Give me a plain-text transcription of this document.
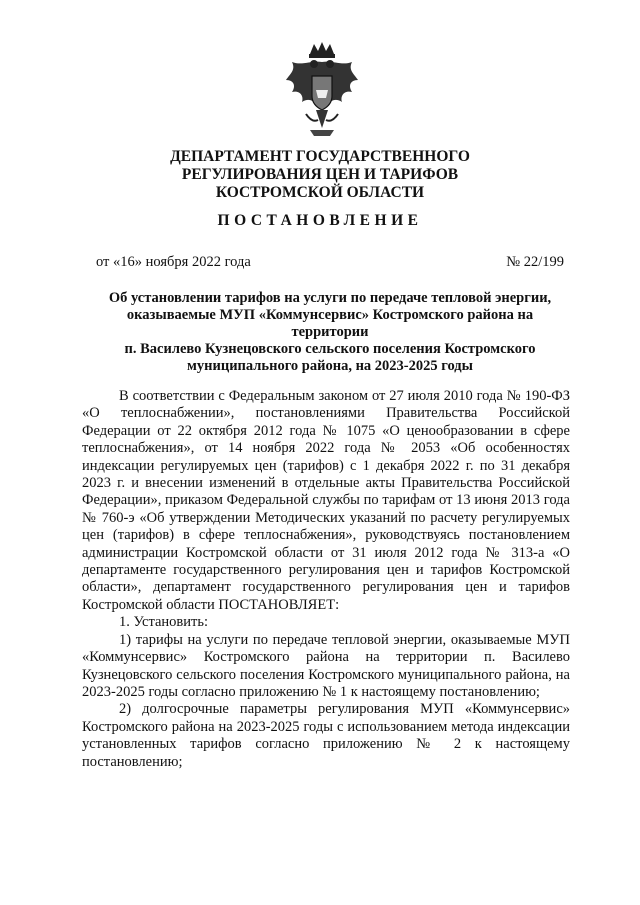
ДЕПАРТАМЕНТ ГОСУДАРСТВЕННОГО
РЕГУЛИРОВАНИЯ ЦЕН И ТАРИФОВ
КОСТРОМСКОЙ ОБЛАСТИ
ПОСТАНОВЛЕНИЕ
от «16» ноября 2022 года	№ 22/199
Об установлении тарифов на услуги по передаче тепловой энергии,
оказываемые МУП «Коммунсервис» Костромского района на территории
п. Василево Кузнецовского сельского поселения Костромского
муниципального района, на 2023-2025 годы

В соответствии с Федеральным законом от 27 июля 2010 года № 190-ФЗ «О теплоснабжении», постановлениями Правительства Российской Федерации от 22 октября 2012 года № 1075 «О ценообразовании в сфере теплоснабжения», от 14 ноября 2022 года № 2053 «Об особенностях индексации регулируемых цен (тарифов) с 1 декабря 2022 г. по 31 декабря 2023 г. и внесении изменений в отдельные акты Правительства Российской Федерации», приказом Федеральной службы по тарифам от 13 июня 2013 года № 760-э «Об утверждении Методических указаний по расчету регулируемых цен (тарифов) в сфере теплоснабжения», руководствуясь постановлением администрации Костромской области от 31 июля 2012 года № 313-а «О департаменте государственного регулирования цен и тарифов Костромской области», департамент государственного регулирования цен и тарифов Костромской области ПОСТАНОВЛЯЕТ:

1. Установить:

1) тарифы на услуги по передаче тепловой энергии, оказываемые МУП «Коммунсервис» Костромского района на территории п. Василево Кузнецовского сельского поселения Костромского муниципального района, на 2023-2025 годы согласно приложению № 1 к настоящему постановлению;

2) долгосрочные параметры регулирования МУП «Коммунсервис» Костромского района на 2023-2025 годы с использованием метода индексации установленных тарифов согласно приложению № 2 к настоящему постановлению;
